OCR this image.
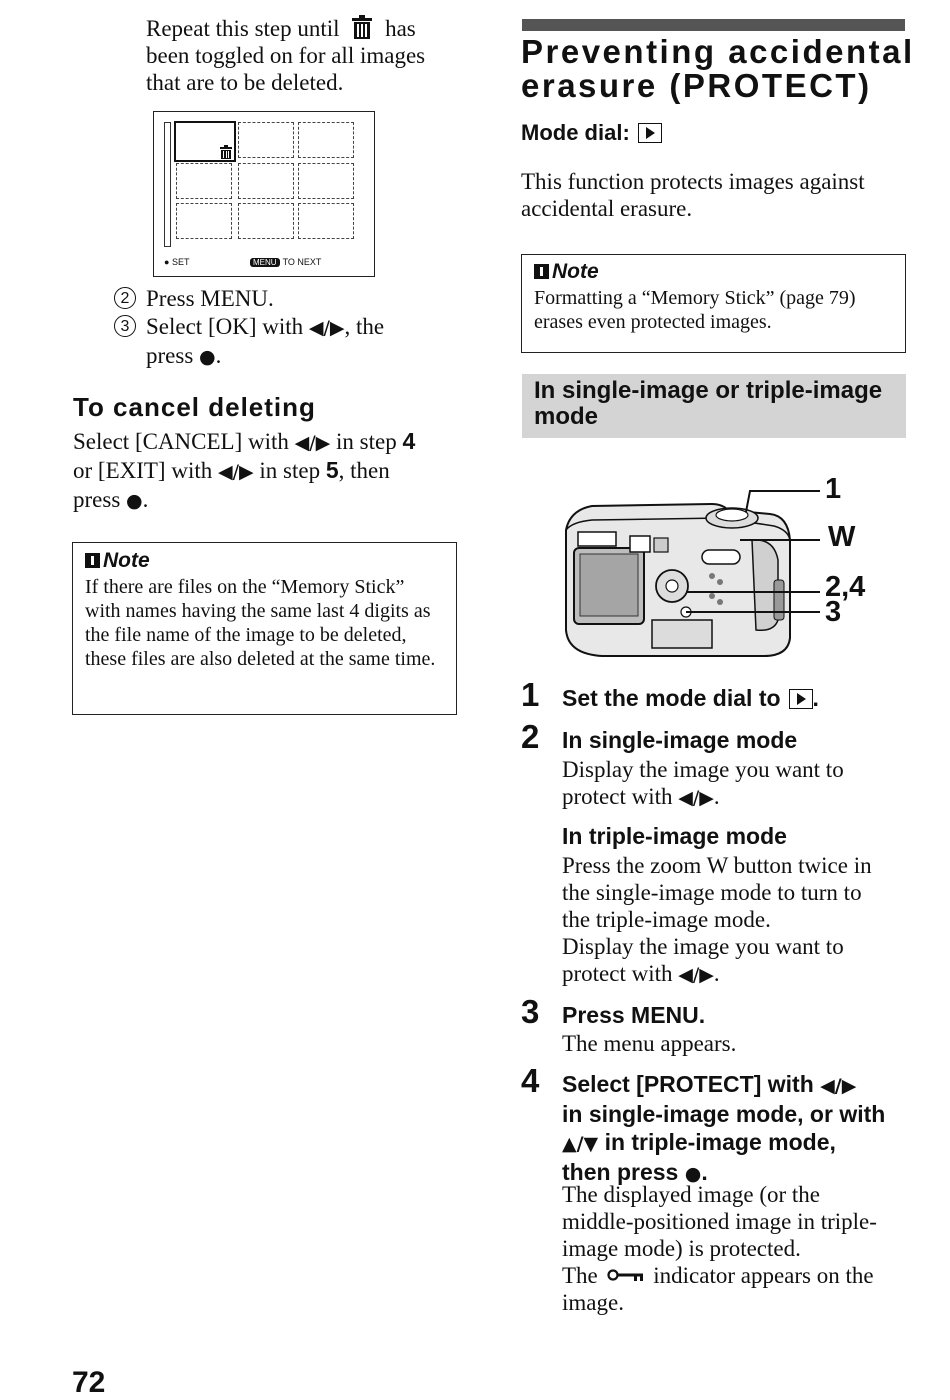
Repeat this step until has been toggled on for all images that are to be deleted.
● SET	MENU TO NEXT
2 Press MENU.
3 Select [OK] with ◀/▶, the
press ●.
To cancel deleting
Select [CANCEL] with ◀/▶ in step 4
or [EXIT] with ◀/▶ in step 5, then
press ●.
Note
If there are files on the “Memory Stick” with names having the same last 4 digits as the file name of the image to be deleted, these files are also deleted at the same time.
72
Preventing accidental
erasure (PROTECT)
Mode dial:
This function protects images against accidental erasure.
Note
Formatting a “Memory Stick” (page 79) erases even protected images.
In single-image or triple-image mode
1
W
2,4
3
1 Set the mode dial to .
2 In single-image mode
Display the image you want to
protect with ◀/▶.
In triple-image mode
Press the zoom W button twice in
the single-image mode to turn to
the triple-image mode.
Display the image you want to
protect with ◀/▶.
3 Press MENU.
The menu appears.
4 Select [PROTECT] with ◀/▶
in single-image mode, or with
▲/▼ in triple-image mode,
then press ●.
The displayed image (or the
middle-positioned image in triple-
image mode) is protected.
The indicator appears on the
image.
